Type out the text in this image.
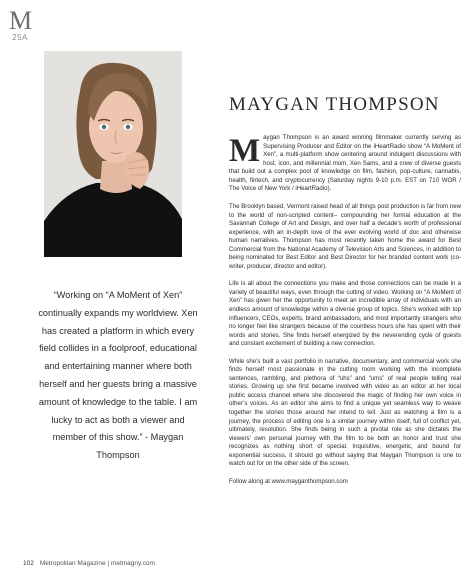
M
25A
MAYGAN THOMPSON
“Working on “A MoMent of Xen” continually expands my worldview. Xen has created a platform in which every field collides in a foolproof, educational and entertaining manner where both herself and her guests bring a massive amount of knowledge to the table. I am lucky to act as both a viewer and member of this show.” - Maygan Thompson

Maygan Thompson is an award winning filmmaker currently serving as Supervising Producer and Editor on the iHeartRadio show “A MoMent of Xen”, a multi-platform show centering around indulgent discussions with host, icon, and millennial mom, Xen Sams, and a crew of diverse guests that build out a complex pool of knowledge on film, fashion, pop-culture, cannabis, health, fintech, and cryptocurrency (Saturday nights 9-10 p.m. EST on 710 WOR / The Voice of New York / iHeartRadio).

The Brooklyn based, Vermont raised head of all things post production is far from new to the world of non-scripted content– compounding her formal education at the Savannah College of Art and Design, and over half a decade’s worth of professional experience, with an in-depth love of the ever evolving world of doc and otherwise human narratives. Thompson has most recently taken home the award for Best Commercial from the National Academy of Television Arts and Sciences, in addition to being nominated for Best Editor and Best Director for her branded content work (co-writer, producer, director and editor).

Life is all about the connections you make and those connections can be made in a variety of beautiful ways, even through the cutting of video. Working on “A MoMent of Xen” has given her the opportunity to meet an incredible array of individuals with an endless amount of knowledge within a diverse group of topics. She’s worked with top influencers, CEOs, experts, brand ambassadors, and most importantly strangers who no longer feel like strangers because of the countless hours she has spent with their words and stories. She finds herself energized by the neverending cycle of guests and constant excitement of building a new connection.

While she’s built a vast portfolio in narrative, documentary, and commercial work she finds herself most passionate in the cutting room working with the incomplete sentences, rambling, and plethora of “uhs” and “ums” of real people telling real stories. Growing up she first became involved with video as an editor at her local public access channel where she discovered the magic of finding her own voice in other’s voices. As an editor she aims to find a unique yet seamless way to weave together the stories those around her intend to tell. Just as watching a film is a journey, the process of editing one is a similar journey within itself; full of conflict yet, ultimately, resolution. She finds being in such a pivotal role as she dictates the viewers’ own personal journey with the film to be both an honor and trust she recognizes as nothing short of special. Inquisitive, energetic, and bound for exponential success, it should go without saying that Maygan Thompson is one to watch out for on the other side of the screen.

Follow along at www.mayganthompson.com

102 Metropolitan Magazine | metmagny.com
